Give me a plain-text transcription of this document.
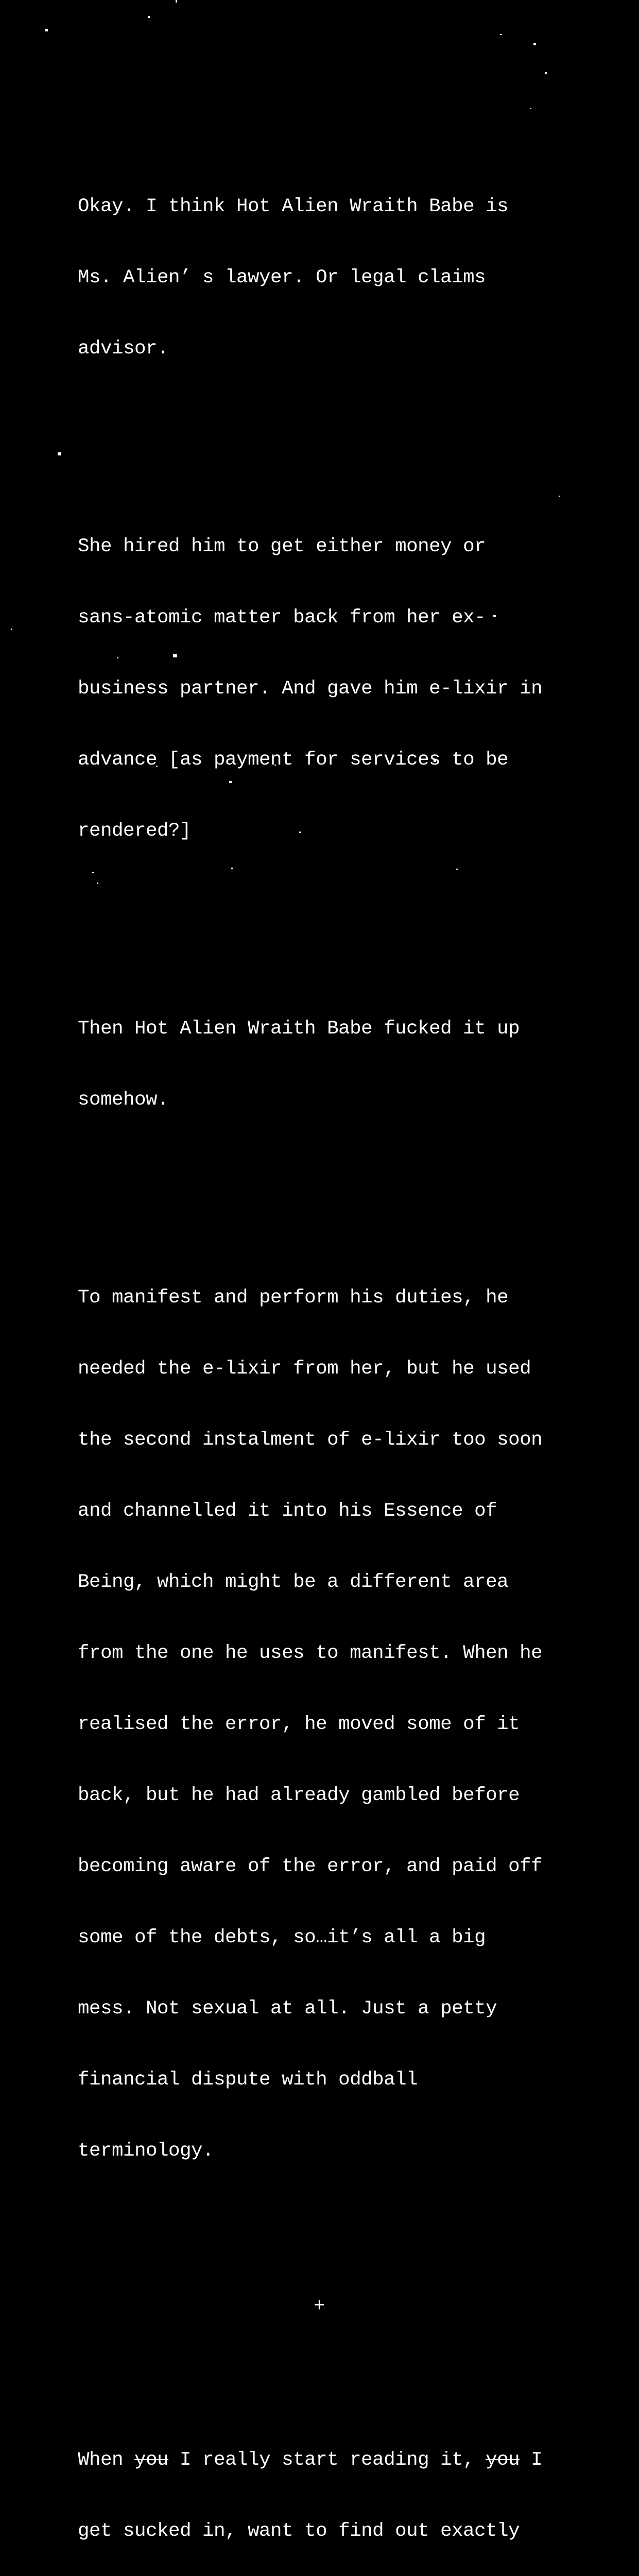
Okay. I think Hot Alien Wraith Babe is

Ms. Alien’ s lawyer. Or legal claims

advisor.

She hired him to get either money or

sans-atomic matter back from her ex-

business partner. And gave him e-lixir in

advance [as payment for services to be

rendered?]

Then Hot Alien Wraith Babe fucked it up

somehow.

To manifest and perform his duties, he

needed the e-lixir from her, but he used

the second instalment of e-lixir too soon

and channelled it into his Essence of

Being, which might be a different area

from the one he uses to manifest. When he

realised the error, he moved some of it

back, but he had already gambled before

becoming aware of the error, and paid off

some of the debts, so…it’s all a big

mess. Not sexual at all. Just a petty

financial dispute with oddball

terminology.

+

When you I really start reading it, you I

get sucked in, want to find out exactly
